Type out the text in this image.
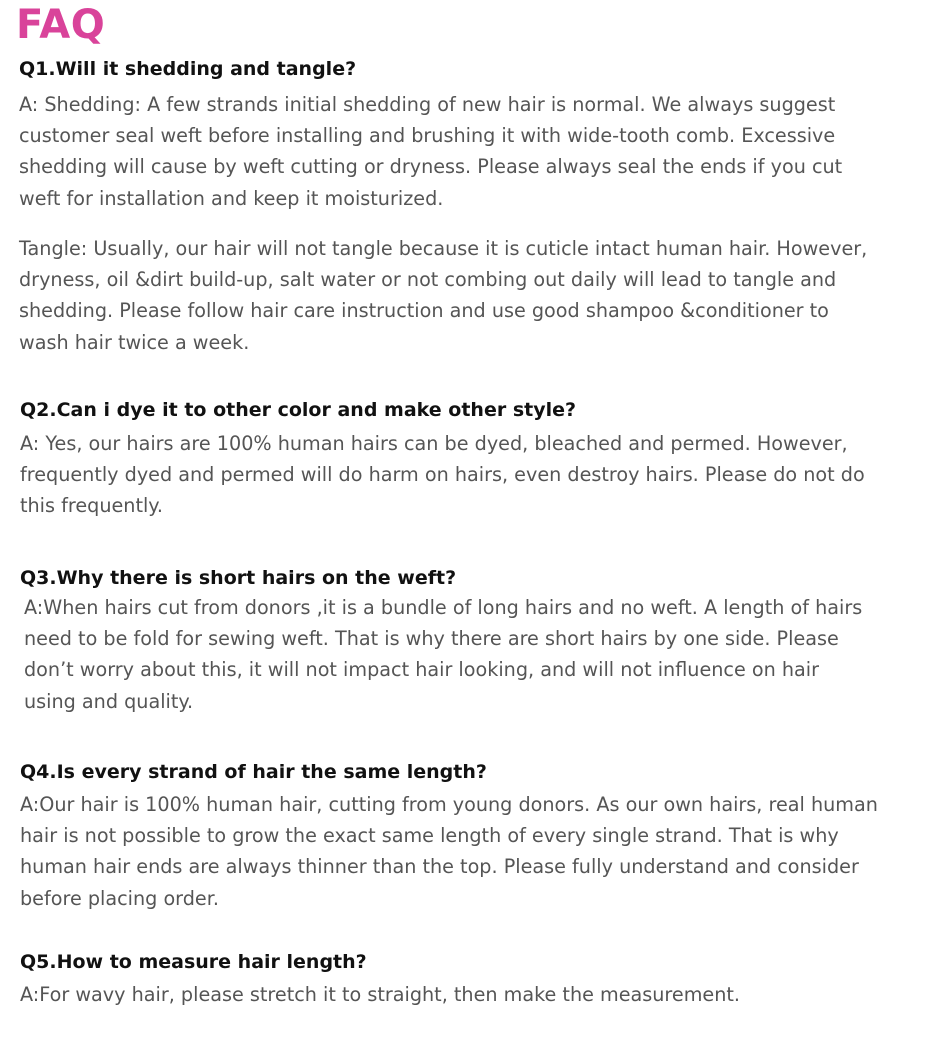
FAQ
Q1.Will it shedding and tangle?
A: Shedding: A few strands initial shedding of new hair is normal. We always suggest
customer seal weft before installing and brushing it with wide-tooth comb. Excessive
shedding will cause by weft cutting or dryness. Please always seal the ends if you cut
weft for installation and keep it moisturized.
Tangle: Usually, our hair will not tangle because it is cuticle intact human hair. However,
dryness, oil &dirt build-up, salt water or not combing out daily will lead to tangle and
shedding. Please follow hair care instruction and use good shampoo &conditioner to
wash hair twice a week.
Q2.Can i dye it to other color and make other style?
A: Yes, our hairs are 100% human hairs can be dyed, bleached and permed. However,
frequently dyed and permed will do harm on hairs, even destroy hairs. Please do not do
this frequently.
Q3.Why there is short hairs on the weft?
A:When hairs cut from donors ,it is a bundle of long hairs and no weft. A length of hairs
need to be fold for sewing weft. That is why there are short hairs by one side. Please
don’t worry about this, it will not impact hair looking, and will not influence on hair
using and quality.
Q4.Is every strand of hair the same length?
A:Our hair is 100% human hair, cutting from young donors. As our own hairs, real human
hair is not possible to grow the exact same length of every single strand. That is why
human hair ends are always thinner than the top. Please fully understand and consider
before placing order.
Q5.How to measure hair length?
A:For wavy hair, please stretch it to straight, then make the measurement.
